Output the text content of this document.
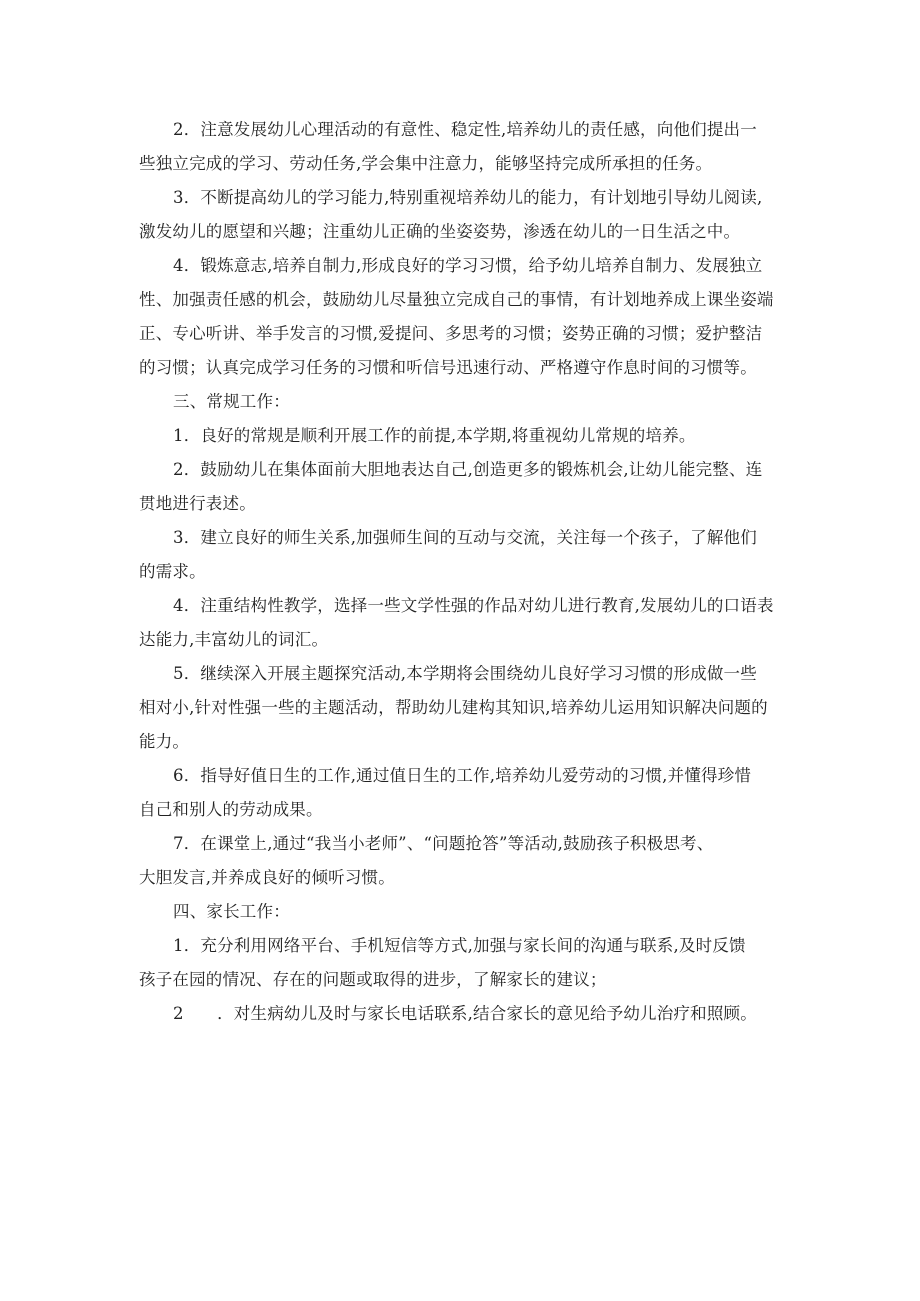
2．注意发展幼儿心理活动的有意性、稳定性,培养幼儿的责任感，向他们提出一
些独立完成的学习、劳动任务,学会集中注意力，能够坚持完成所承担的任务。
3．不断提高幼儿的学习能力,特别重视培养幼儿的能力，有计划地引导幼儿阅读,
激发幼儿的愿望和兴趣；注重幼儿正确的坐姿姿势，渗透在幼儿的一日生活之中。
4．锻炼意志,培养自制力,形成良好的学习习惯，给予幼儿培养自制力、发展独立
性、加强责任感的机会，鼓励幼儿尽量独立完成自己的事情，有计划地养成上课坐姿端
正、专心听讲、举手发言的习惯,爱提问、多思考的习惯；姿势正确的习惯；爱护整洁
的习惯；认真完成学习任务的习惯和听信号迅速行动、严格遵守作息时间的习惯等。
三、常规工作：
1．良好的常规是顺利开展工作的前提,本学期,将重视幼儿常规的培养。
2．鼓励幼儿在集体面前大胆地表达自己,创造更多的锻炼机会,让幼儿能完整、连
贯地进行表述。
3．建立良好的师生关系,加强师生间的互动与交流，关注每一个孩子，了解他们
的需求。
4．注重结构性教学，选择一些文学性强的作品对幼儿进行教育,发展幼儿的口语表
达能力,丰富幼儿的词汇。
5．继续深入开展主题探究活动,本学期将会围绕幼儿良好学习习惯的形成做一些
相对小,针对性强一些的主题活动，帮助幼儿建构其知识,培养幼儿运用知识解决问题的
能力。
6．指导好值日生的工作,通过值日生的工作,培养幼儿爱劳动的习惯,并懂得珍惜
自己和别人的劳动成果。
7．在课堂上,通过“我当小老师”、“问题抢答”等活动,鼓励孩子积极思考、
大胆发言,并养成良好的倾听习惯。
四、家长工作：
1．充分利用网络平台、手机短信等方式,加强与家长间的沟通与联系,及时反馈
孩子在园的情况、存在的问题或取得的进步，了解家长的建议；
2　　．对生病幼儿及时与家长电话联系,结合家长的意见给予幼儿治疗和照顾。
